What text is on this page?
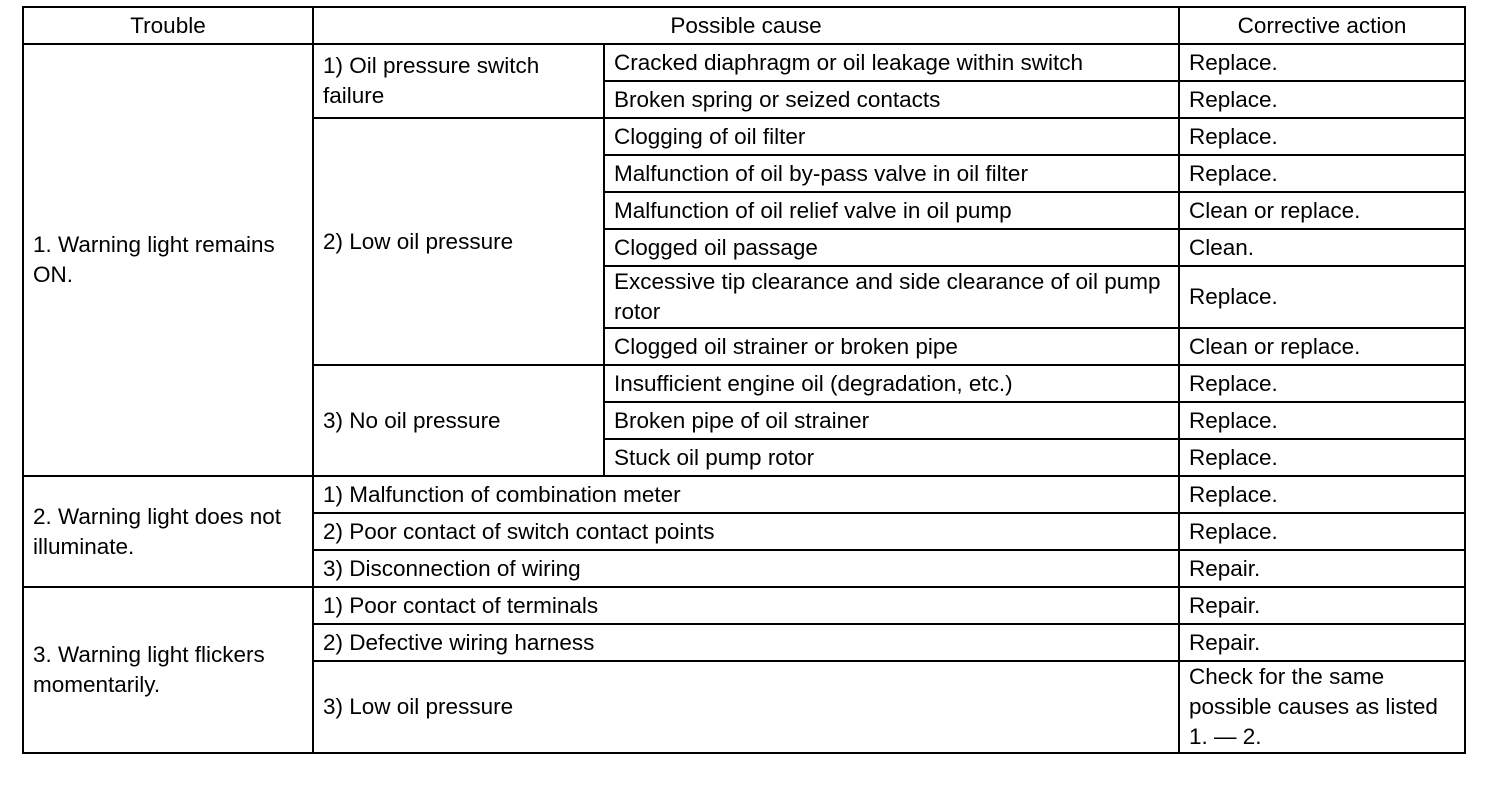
Trouble	Possible cause		Corrective action
1. Warning light remains ON.	1) Oil pressure switch failure	Cracked diaphragm or oil leakage within switch	Replace.
		Broken spring or seized contacts	Replace.
	2) Low oil pressure	Clogging of oil filter	Replace.
		Malfunction of oil by-pass valve in oil filter	Replace.
		Malfunction of oil relief valve in oil pump	Clean or replace.
		Clogged oil passage	Clean.
		Excessive tip clearance and side clearance of oil pump rotor	Replace.
		Clogged oil strainer or broken pipe	Clean or replace.
	3) No oil pressure	Insufficient engine oil (degradation, etc.)	Replace.
		Broken pipe of oil strainer	Replace.
		Stuck oil pump rotor	Replace.
2. Warning light does not illuminate.	1) Malfunction of combination meter		Replace.
	2) Poor contact of switch contact points		Replace.
	3) Disconnection of wiring		Repair.
3. Warning light flickers momentarily.	1) Poor contact of terminals		Repair.
	2) Defective wiring harness		Repair.
	3) Low oil pressure		Check for the same possible causes as listed 1. — 2.
